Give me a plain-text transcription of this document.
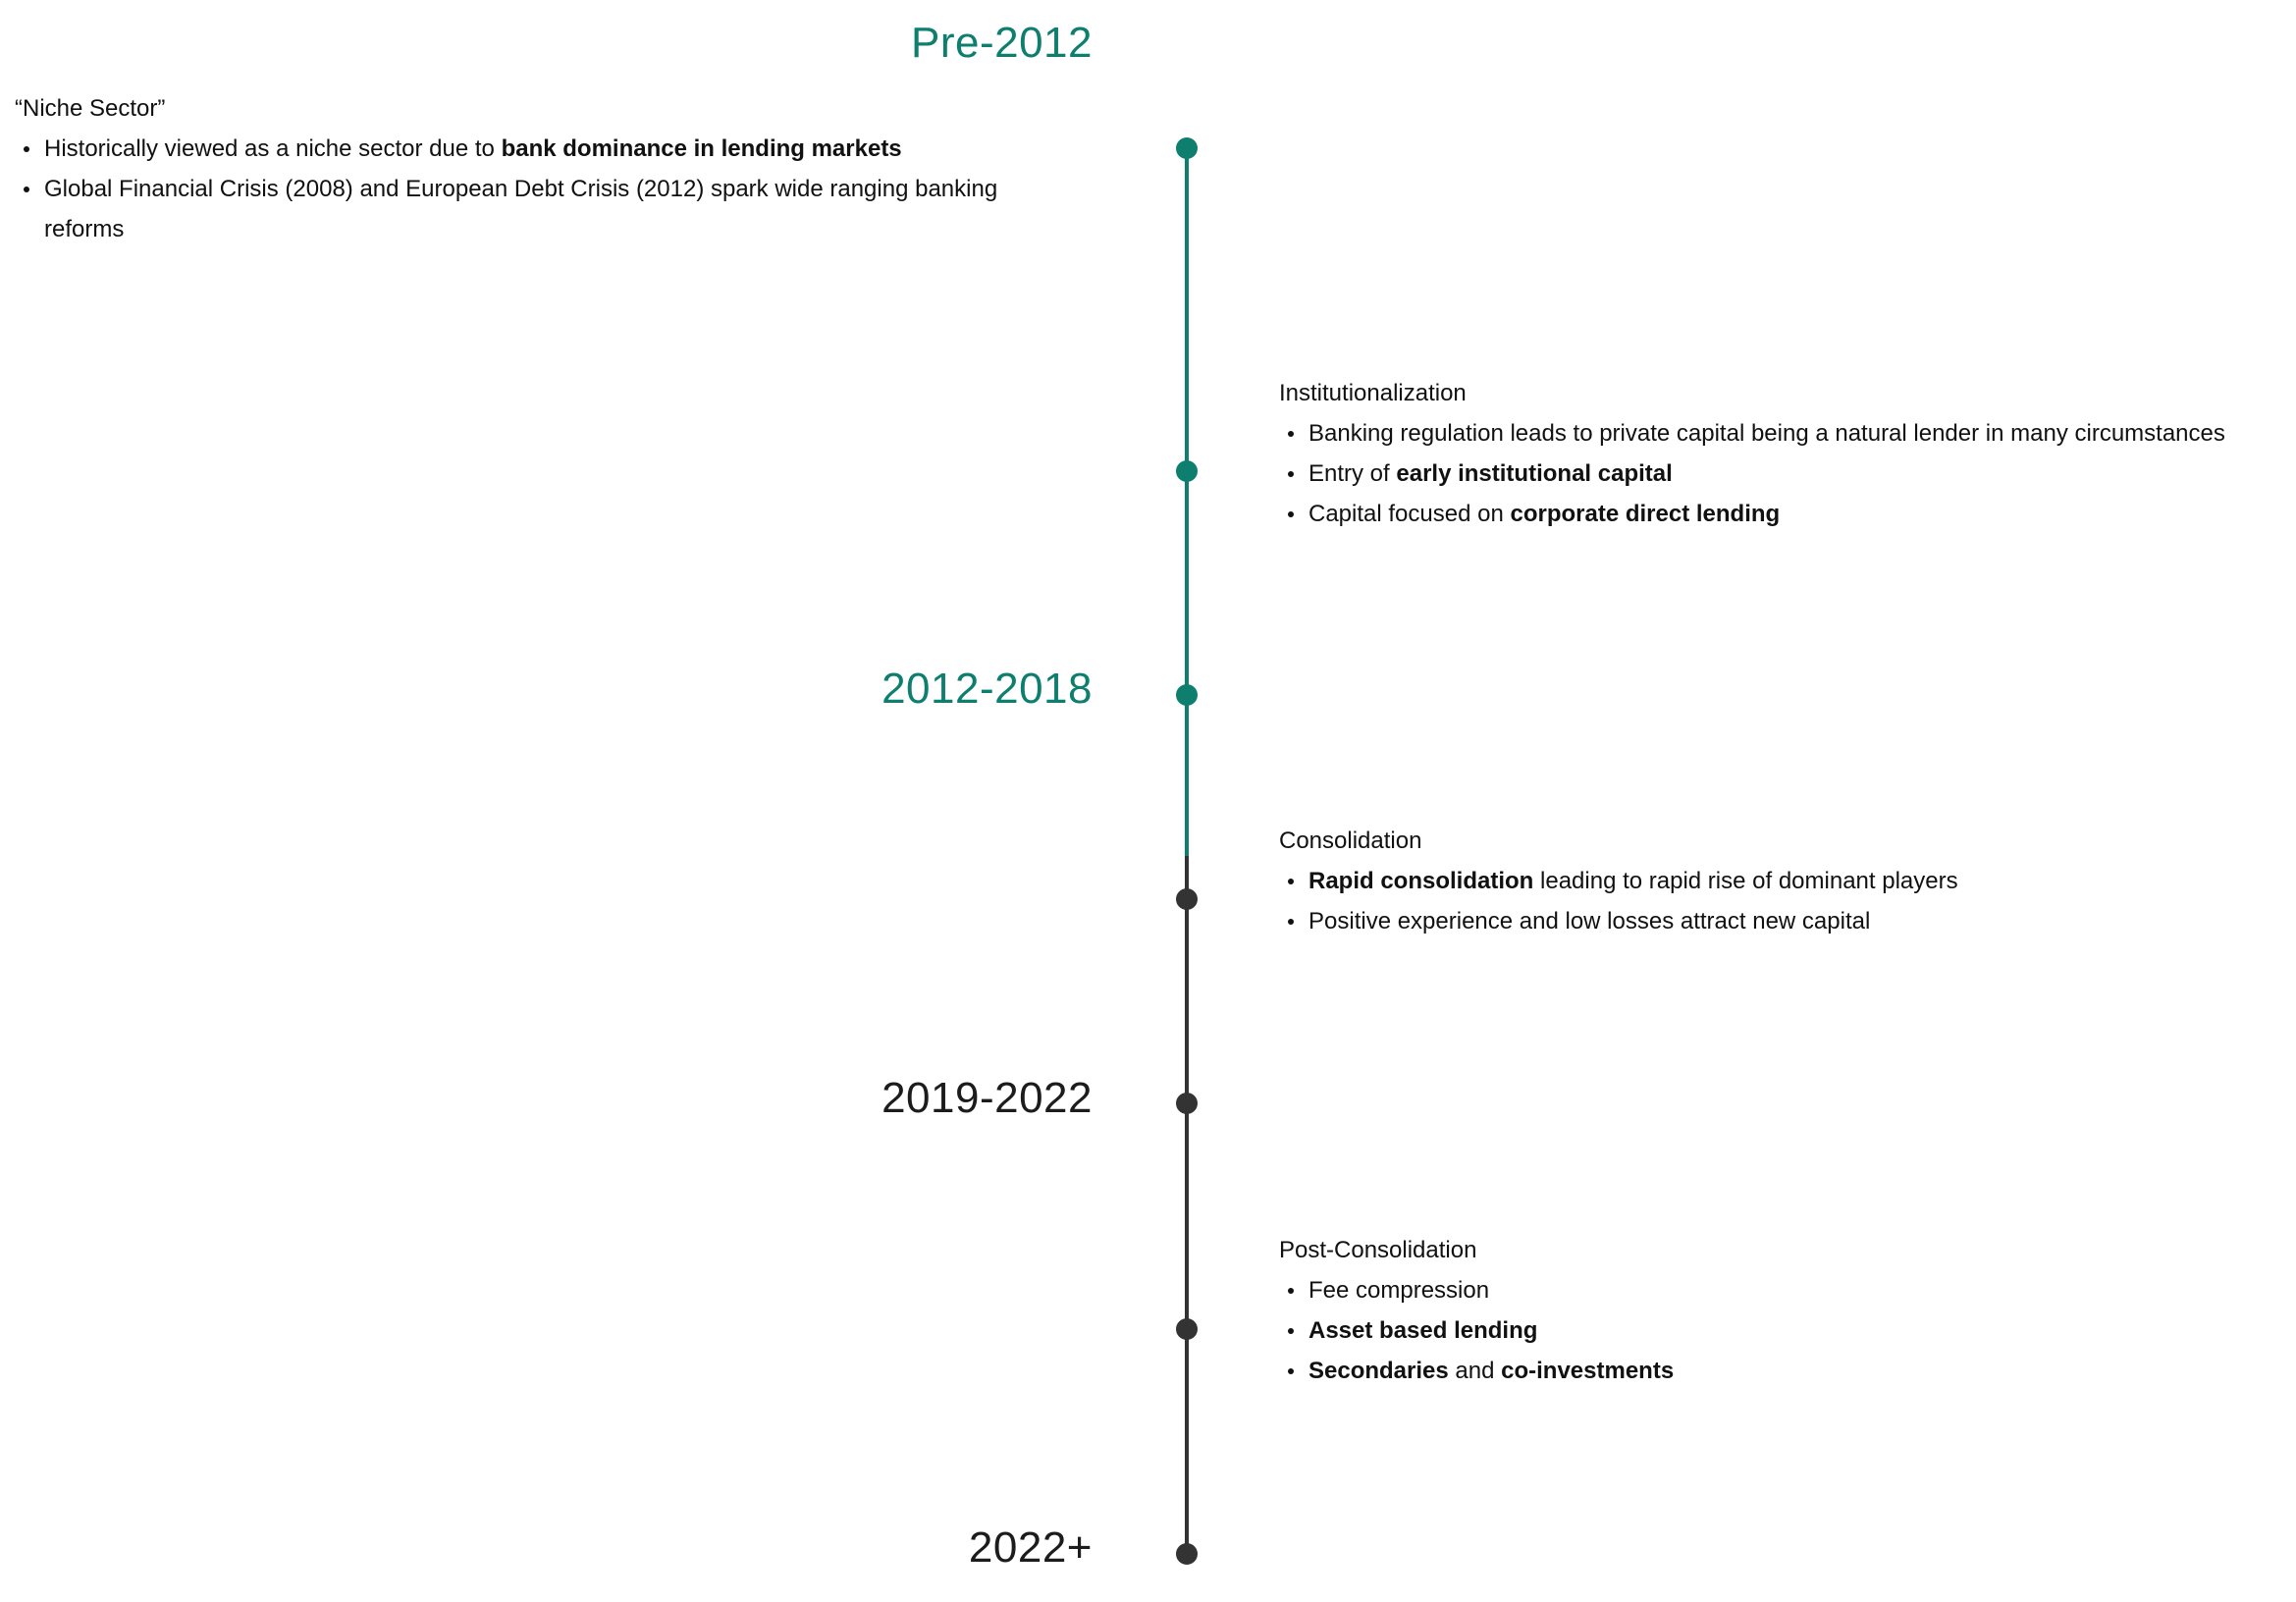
Pre-2012
2012-2018
2019-2022
2022+
“Niche Sector”
Historically viewed as a niche sector due to bank dominance in lending markets
Global Financial Crisis (2008) and European Debt Crisis (2012) spark wide ranging banking reforms
Institutionalization
Banking regulation leads to private capital being a natural lender in many circumstances
Entry of early institutional capital
Capital focused on corporate direct lending
Consolidation
Rapid consolidation leading to rapid rise of dominant players
Positive experience and low losses attract new capital
Post-Consolidation
Fee compression
Asset based lending
Secondaries and co-investments
